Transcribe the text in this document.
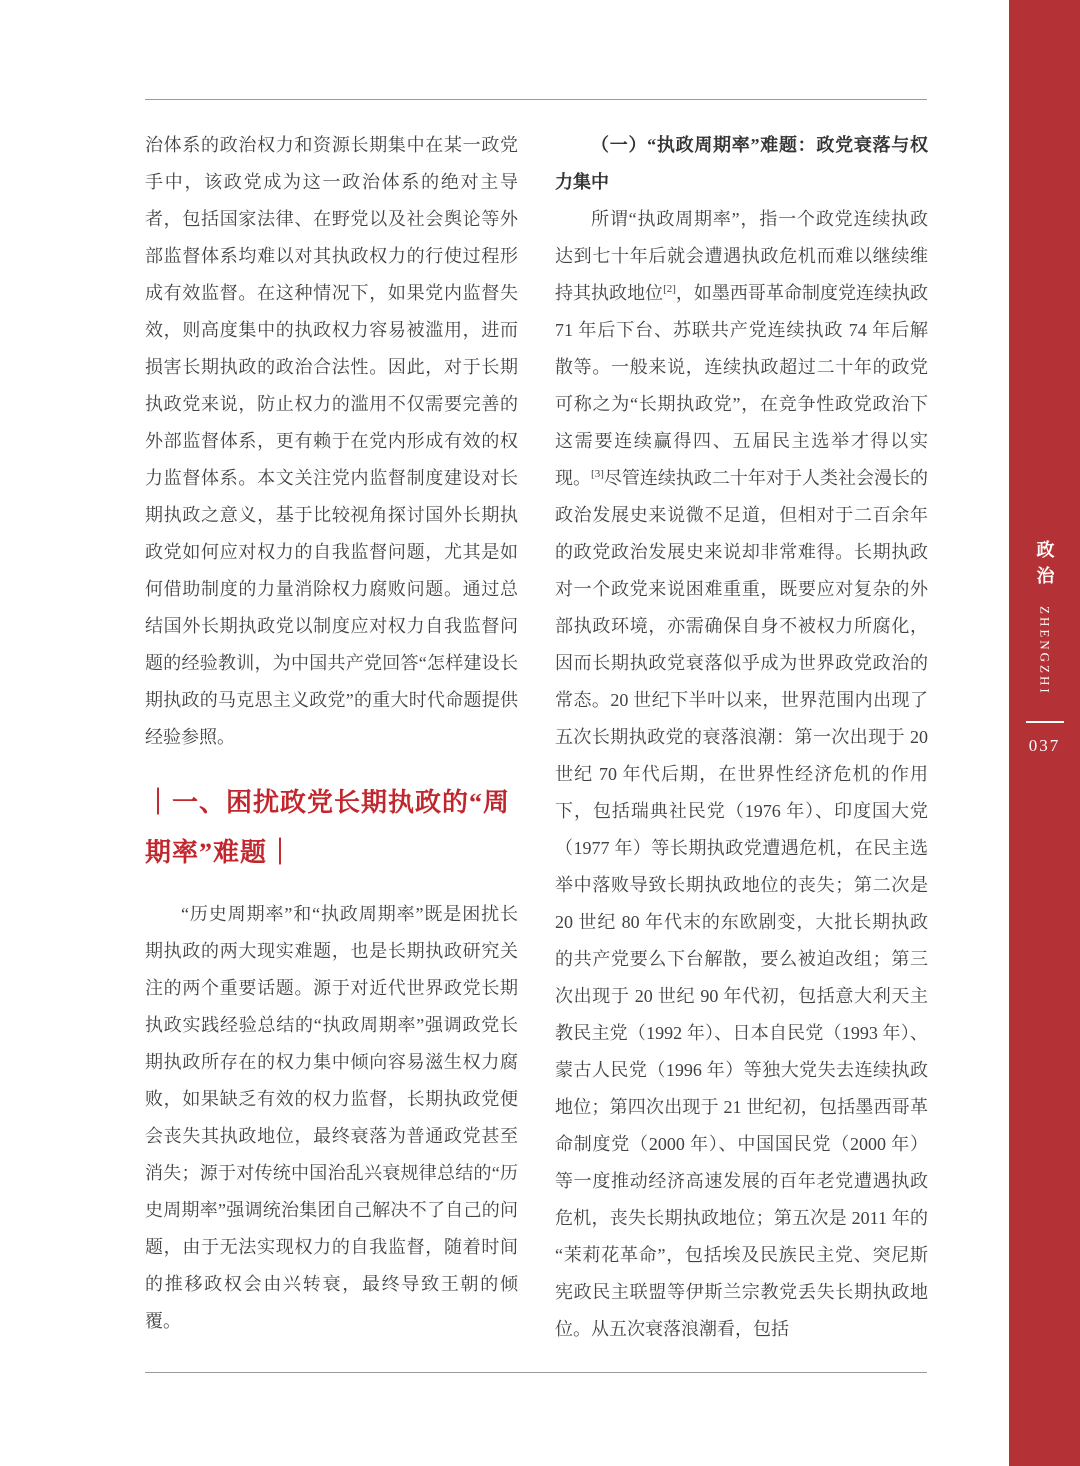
治体系的政治权力和资源长期集中在某一政党手中，该政党成为这一政治体系的绝对主导者，包括国家法律、在野党以及社会舆论等外部监督体系均难以对其执政权力的行使过程形成有效监督。在这种情况下，如果党内监督失效，则高度集中的执政权力容易被滥用，进而损害长期执政的政治合法性。因此，对于长期执政党来说，防止权力的滥用不仅需要完善的外部监督体系，更有赖于在党内形成有效的权力监督体系。本文关注党内监督制度建设对长期执政之意义，基于比较视角探讨国外长期执政党如何应对权力的自我监督问题，尤其是如何借助制度的力量消除权力腐败问题。通过总结国外长期执政党以制度应对权力自我监督问题的经验教训，为中国共产党回答“怎样建设长期执政的马克思主义政党”的重大时代命题提供经验参照。

｜一、困扰政党长期执政的“周期率”难题｜

“历史周期率”和“执政周期率”既是困扰长期执政的两大现实难题，也是长期执政研究关注的两个重要话题。源于对近代世界政党长期执政实践经验总结的“执政周期率”强调政党长期执政所存在的权力集中倾向容易滋生权力腐败，如果缺乏有效的权力监督，长期执政党便会丧失其执政地位，最终衰落为普通政党甚至消失；源于对传统中国治乱兴衰规律总结的“历史周期率”强调统治集团自己解决不了自己的问题，由于无法实现权力的自我监督，随着时间的推移政权会由兴转衰，最终导致王朝的倾覆。

（一）“执政周期率”难题：政党衰落与权力集中

所谓“执政周期率”，指一个政党连续执政达到七十年后就会遭遇执政危机而难以继续维持其执政地位[2]，如墨西哥革命制度党连续执政 71 年后下台、苏联共产党连续执政 74 年后解散等。一般来说，连续执政超过二十年的政党可称之为“长期执政党”，在竞争性政党政治下这需要连续赢得四、五届民主选举才得以实现。[3]尽管连续执政二十年对于人类社会漫长的政治发展史来说微不足道，但相对于二百余年的政党政治发展史来说却非常难得。长期执政对一个政党来说困难重重，既要应对复杂的外部执政环境，亦需确保自身不被权力所腐化，因而长期执政党衰落似乎成为世界政党政治的常态。20 世纪下半叶以来，世界范围内出现了五次长期执政党的衰落浪潮：第一次出现于 20 世纪 70 年代后期，在世界性经济危机的作用下，包括瑞典社民党（1976 年）、印度国大党（1977 年）等长期执政党遭遇危机，在民主选举中落败导致长期执政地位的丧失；第二次是 20 世纪 80 年代末的东欧剧变，大批长期执政的共产党要么下台解散，要么被迫改组；第三次出现于 20 世纪 90 年代初，包括意大利天主教民主党（1992 年）、日本自民党（1993 年）、蒙古人民党（1996 年）等独大党失去连续执政地位；第四次出现于 21 世纪初，包括墨西哥革命制度党（2000 年）、中国国民党（2000 年）等一度推动经济高速发展的百年老党遭遇执政危机，丧失长期执政地位；第五次是 2011 年的“茉莉花革命”，包括埃及民族民主党、突尼斯宪政民主联盟等伊斯兰宗教党丢失长期执政地位。从五次衰落浪潮看，包括

政治ZHENGZHI
037
